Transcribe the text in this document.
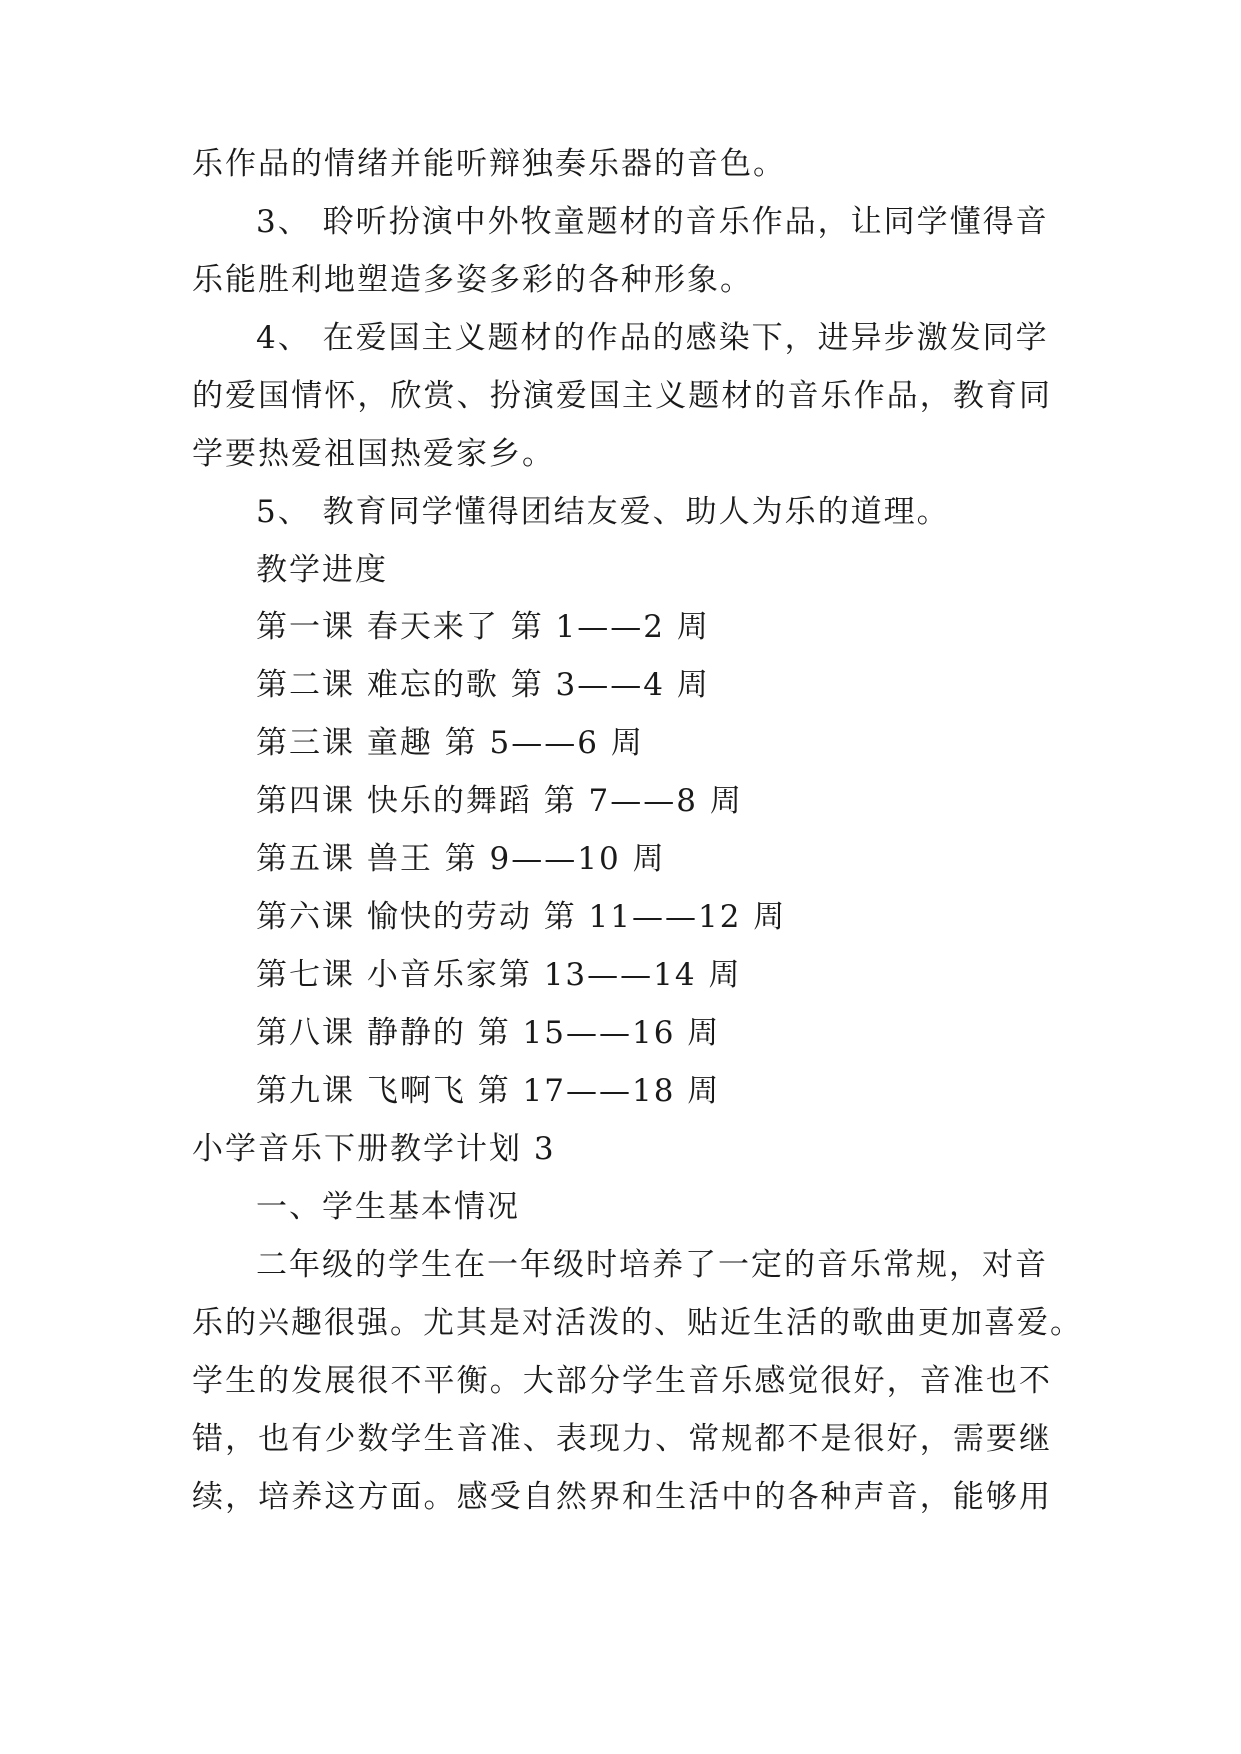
乐作品的情绪并能听辩独奏乐器的音色。
3、 聆听扮演中外牧童题材的音乐作品，让同学懂得音
乐能胜利地塑造多姿多彩的各种形象。
4、 在爱国主义题材的作品的感染下，进异步激发同学
的爱国情怀，欣赏、扮演爱国主义题材的音乐作品，教育同
学要热爱祖国热爱家乡。
5、 教育同学懂得团结友爱、助人为乐的道理。
教学进度
第一课 春天来了 第 1——2 周
第二课 难忘的歌 第 3——4 周
第三课 童趣 第 5——6 周
第四课 快乐的舞蹈 第 7——8 周
第五课 兽王 第 9——10 周
第六课 愉快的劳动 第 11——12 周
第七课 小音乐家第 13——14 周
第八课 静静的 第 15——16 周
第九课 飞啊飞 第 17——18 周
小学音乐下册教学计划 3
一、学生基本情况
二年级的学生在一年级时培养了一定的音乐常规，对音
乐的兴趣很强。尤其是对活泼的、贴近生活的歌曲更加喜爱。
学生的发展很不平衡。大部分学生音乐感觉很好，音准也不
错，也有少数学生音准、表现力、常规都不是很好，需要继
续，培养这方面。感受自然界和生活中的各种声音，能够用
